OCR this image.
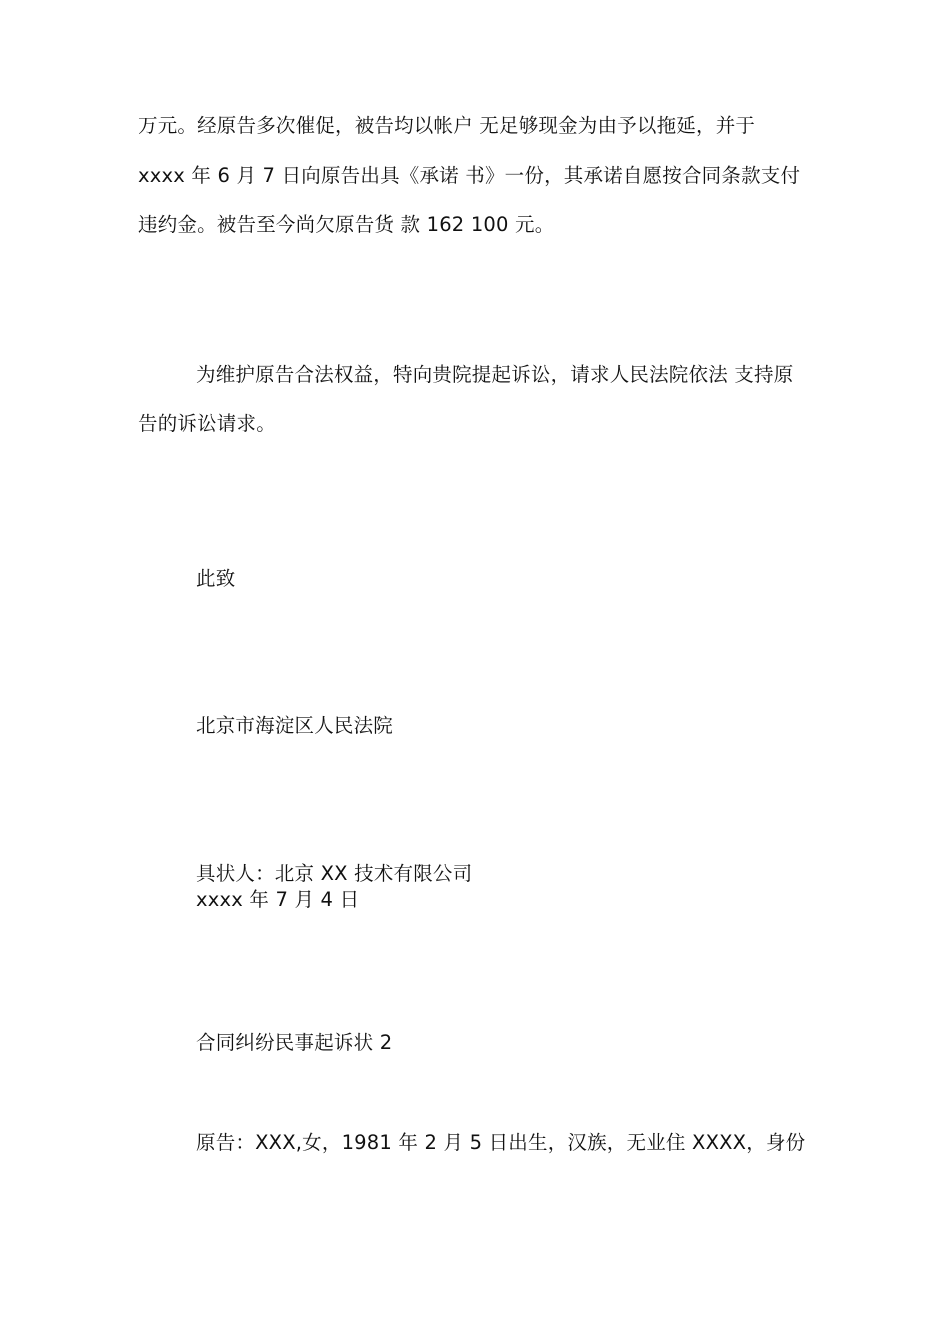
万元。经原告多次催促，被告均以帐户 无足够现金为由予以拖延，并于
xxxx 年 6 月 7 日向原告出具《承诺 书》一份，其承诺自愿按合同条款支付
违约金。被告至今尚欠原告货 款 162 100 元。
为维护原告合法权益，特向贵院提起诉讼，请求人民法院依法 支持原
告的诉讼请求。
此致
北京市海淀区人民法院
具状人：北京 XX 技术有限公司
xxxx 年 7 月 4 日
合同纠纷民事起诉状 2
原告：XXX,女，1981 年 2 月 5 日出生，汉族，无业住 XXXX，身份
